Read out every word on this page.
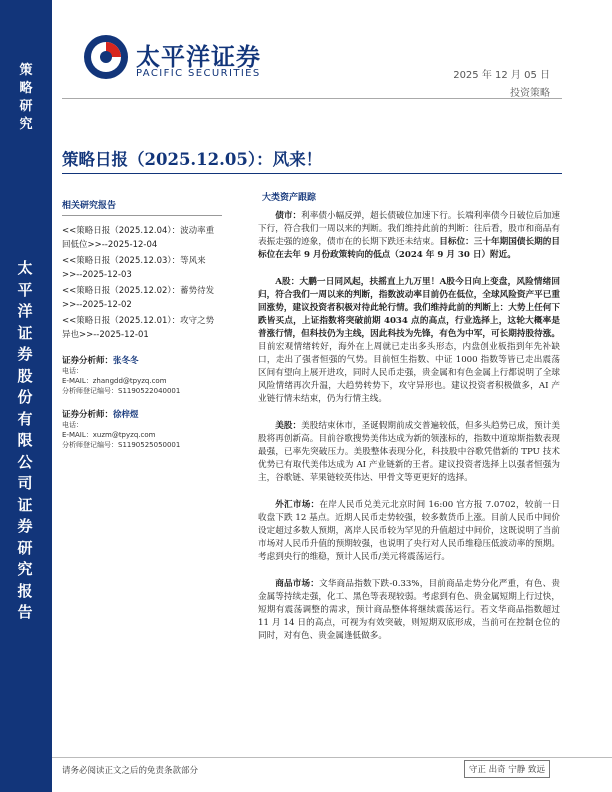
策
略
研
究
太
平
洋
证
券
股
份
有
限
公
司
证
券
研
究
报
告
太平洋证券
PACIFIC SECURITIES	2025 年 12 月 05 日
投资策略
策略日报（2025.12.05）：风来！
相关研究报告
<<策略日报（2025.12.04）：波动率重回低位>>--2025-12-04
<<策略日报（2025.12.03）：等风来>>--2025-12-03
<<策略日报（2025.12.02）：蓄势待发>>--2025-12-02
<<策略日报（2025.12.01）：攻守之势异也>>--2025-12-01
证券分析师：张冬冬
电话：
E-MAIL：zhangdd@tpyzq.com
分析师登记编号：S1190522040001
证券分析师：徐梓煜
电话：
E-MAIL：xuzm@tpyzq.com
分析师登记编号：S1190525050001
大类资产跟踪

债市：利率债小幅反弹，超长债破位加速下行。长端利率债今日破位后加速下行，符合我们一周以来的判断。我们维持此前的判断：往后看，股市和商品有表振走强的迹象，债市在的长期下跌还未结束。目标位：三十年期国债长期的目标位在去年 9 月份政策转向的低点（2024 年 9 月 30 日）附近。

A股：大鹏一日同风起，扶摇直上九万里！A股今日向上变盘，风险情绪回归，符合我们一周以来的判断，指数波动率目前仍在低位，全球风险资产平已重回涨势，建议投资者积极对待此轮行情。我们维持此前的判断上：大势上任何下跌皆买点，上证指数将突破前期 4034 点的高点，行业选择上，这轮大概率是普涨行情，但科技仍为主线，因此科技为先锋，有色为中军，可长期持股待涨。目前宏观情绪转好，海外在上周就已走出多头形态，内盘创业板指到年先补缺口，走出了强者恒强的气势。目前恒生指数、中证 1000 指数等皆已走出震荡区间有望向上展开进攻，同时人民币走强，贵金属和有色金属上行都说明了全球风险情绪再次升温，大趋势转势下，攻守异形也。建议投资者积极做多，AI 产业链行情未结束，仍为行情主线。

美股：美股结束休市，圣诞假期前成交普遍较低，但多头趋势已成，预计美股将再创新高。目前谷歌搜势美伟达成为新的领涨标的，指数中道琼斯指数表现最强，已率先突破压力。美股整体表现分化，科技股中谷歌凭借新的 TPU 技术优势已有取代美伟达成为 AI 产业链新的王者。建议投资者选择上以强者恒强为主，谷歌链、苹果链较英伟达、甲骨文等更更好的选择。

外汇市场：在岸人民币兑美元北京时间 16:00 官方报 7.0702，较前一日收盘下跌 12 基点。近期人民币走势较强，较多数货币上涨。目前人民币中间价设定超过多数人预期，离岸人民币较为罕见的升值超过中间价，这既说明了当前市场对人民币升值的预期较强，也说明了央行对人民币维稳压低波动率的预期。考虑到央行的维稳，预计人民币/美元将震荡运行。

商品市场：文华商品指数下跌-0.33%，目前商品走势分化严重，有色、贵金属等持续走强，化工、黑色等表现较弱。考虑到有色、贵金属短期上行过快，短期有震荡调整的需求，预计商品整体将继续震荡运行。若文华商品指数超过 11 月 14 日的高点，可视为有效突破，则短期双底形成，当前可在控制仓位的同时，对有色、贵金属逢低做多。

请务必阅读正文之后的免责条款部分	守正 出奇 宁静 致远
